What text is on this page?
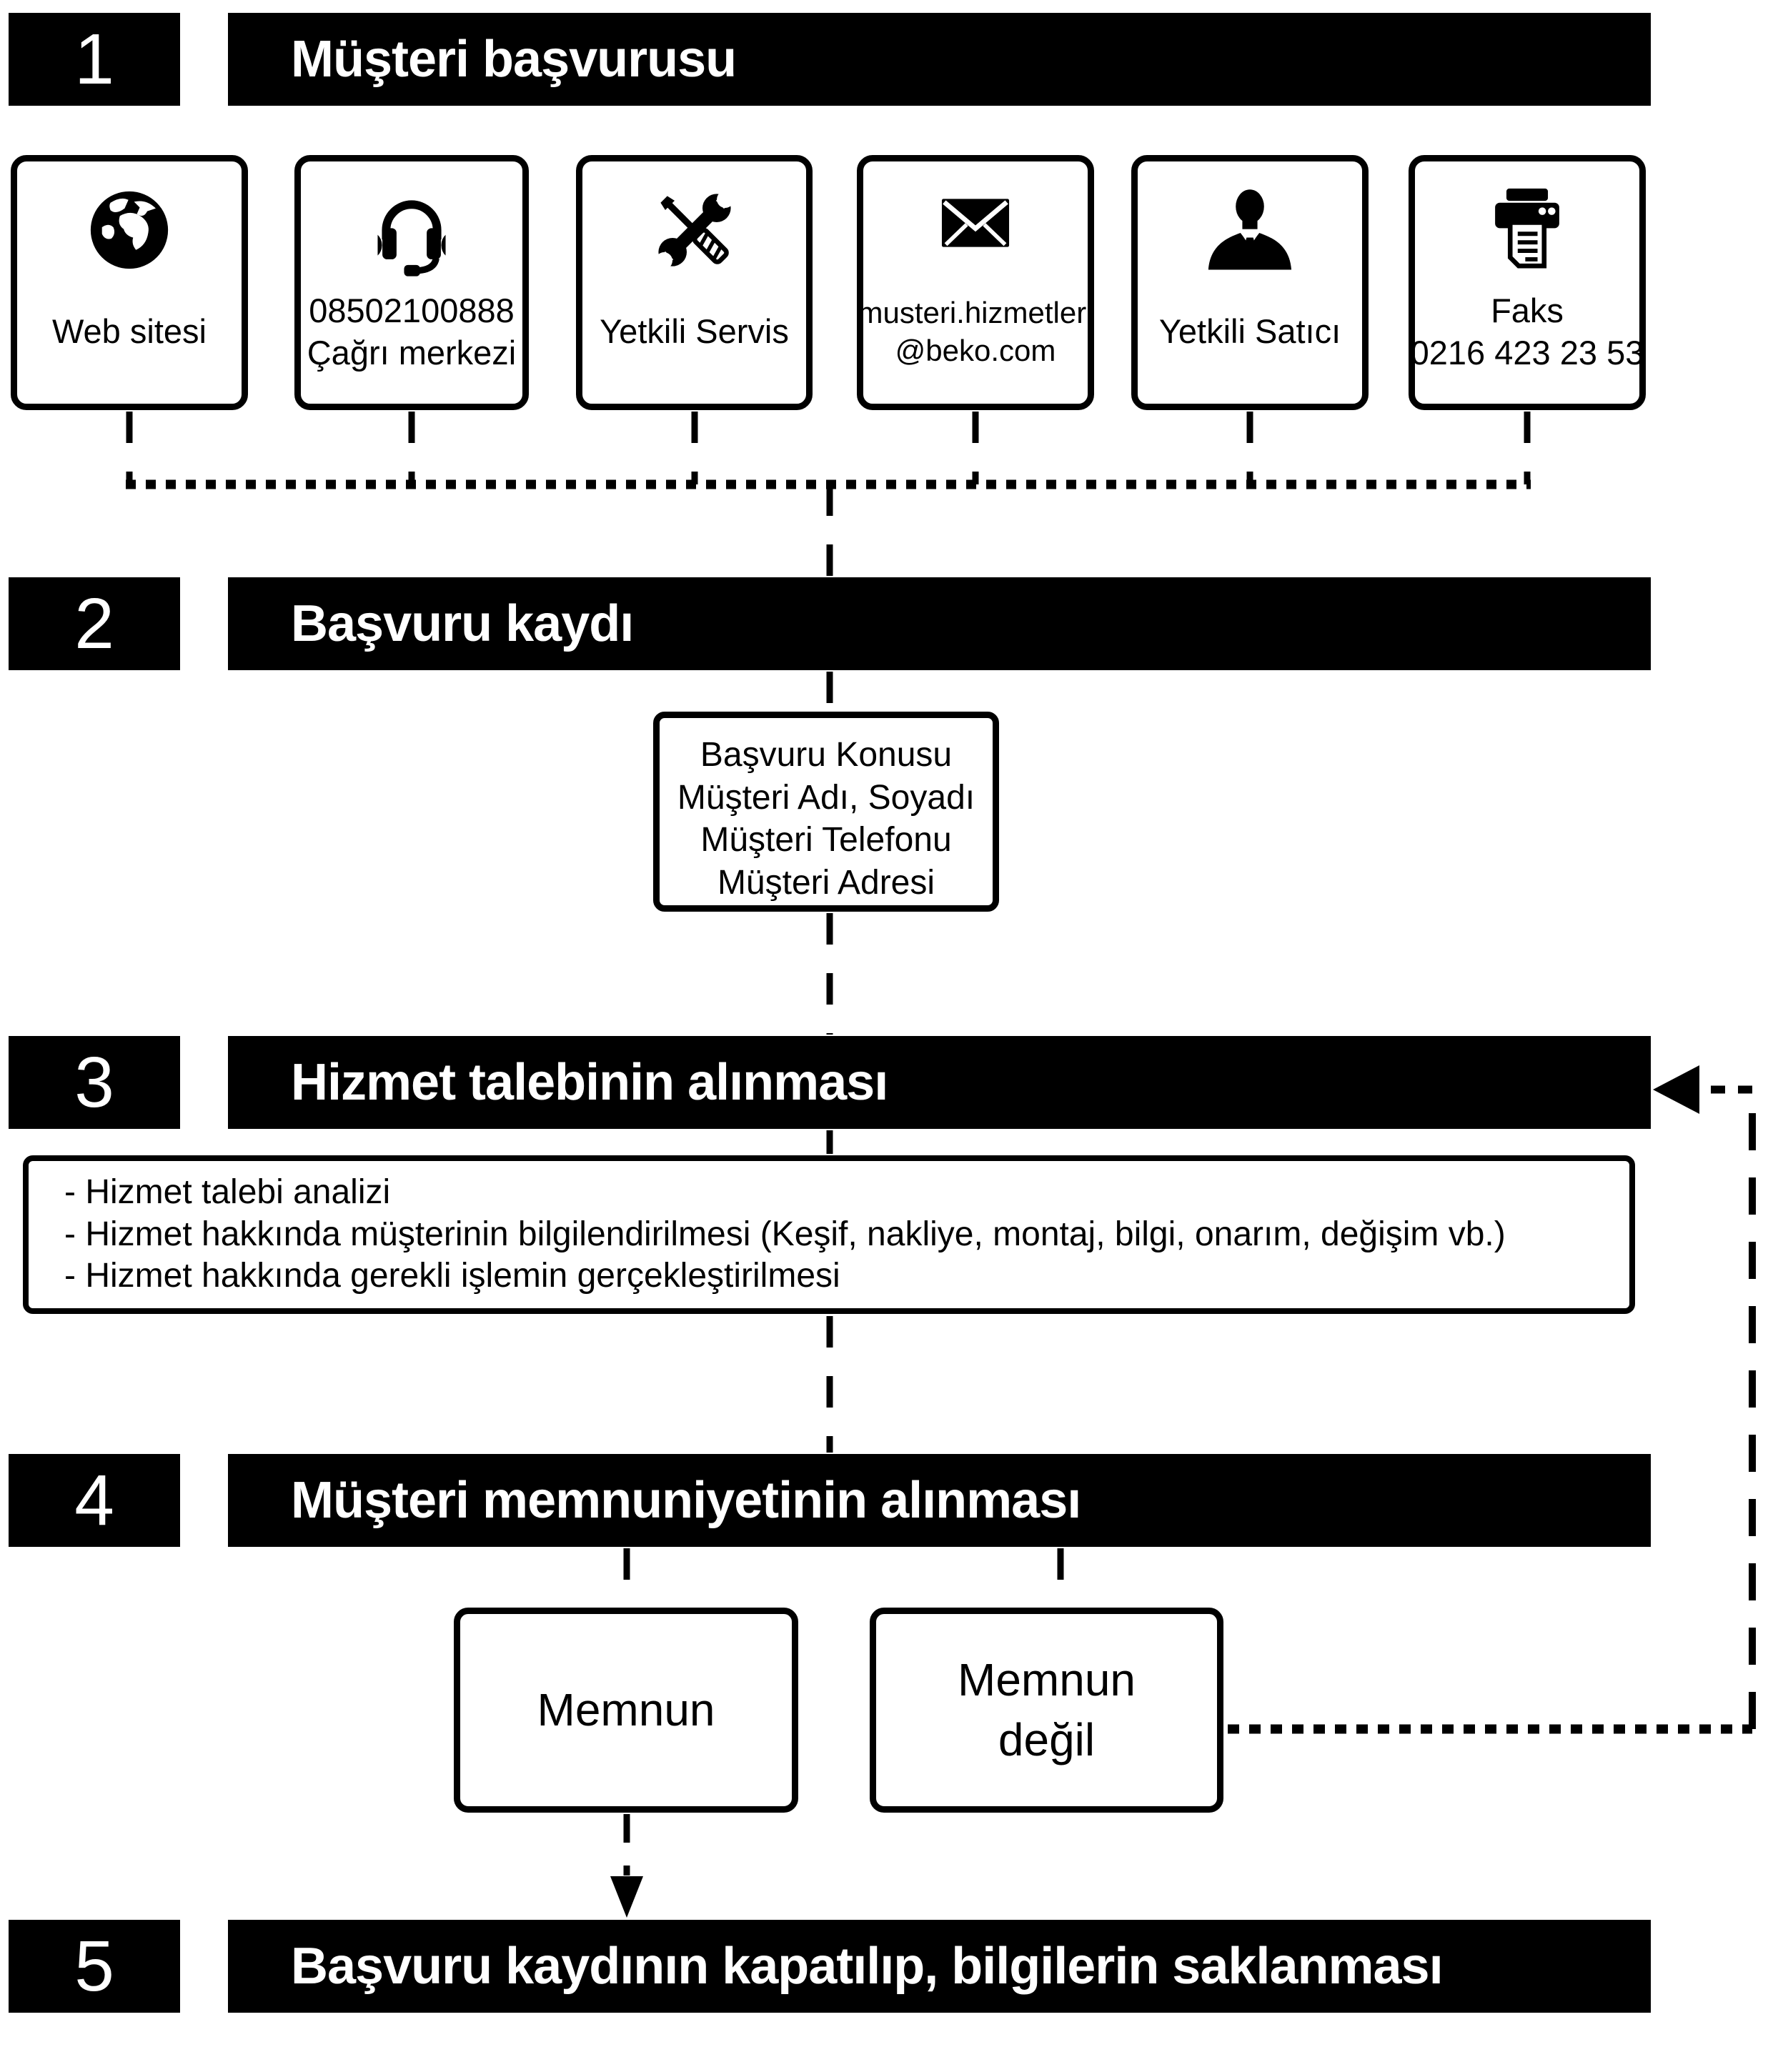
1	Müşteri başvurusu
Web sitesi
08502100888
Çağrı merkezi
Yetkili Servis musteri.hizmetleri
@beko.com	Yetkili Satıcı
Faks
0216 423 23 53
2	Başvuru kaydı
Başvuru Konusu
Müşteri Adı, Soyadı
Müşteri Telefonu
Müşteri Adresi
3	Hizmet talebinin alınması
- Hizmet talebi analizi
- Hizmet hakkında müşterinin bilgilendirilmesi (Keşif, nakliye, montaj, bilgi, onarım, değişim vb.)
- Hizmet hakkında gerekli işlemin gerçekleştirilmesi
4	Müşteri memnuniyetinin alınması
Memnun
Memnun
değil
5	Başvuru kaydının kapatılıp, bilgilerin saklanması
